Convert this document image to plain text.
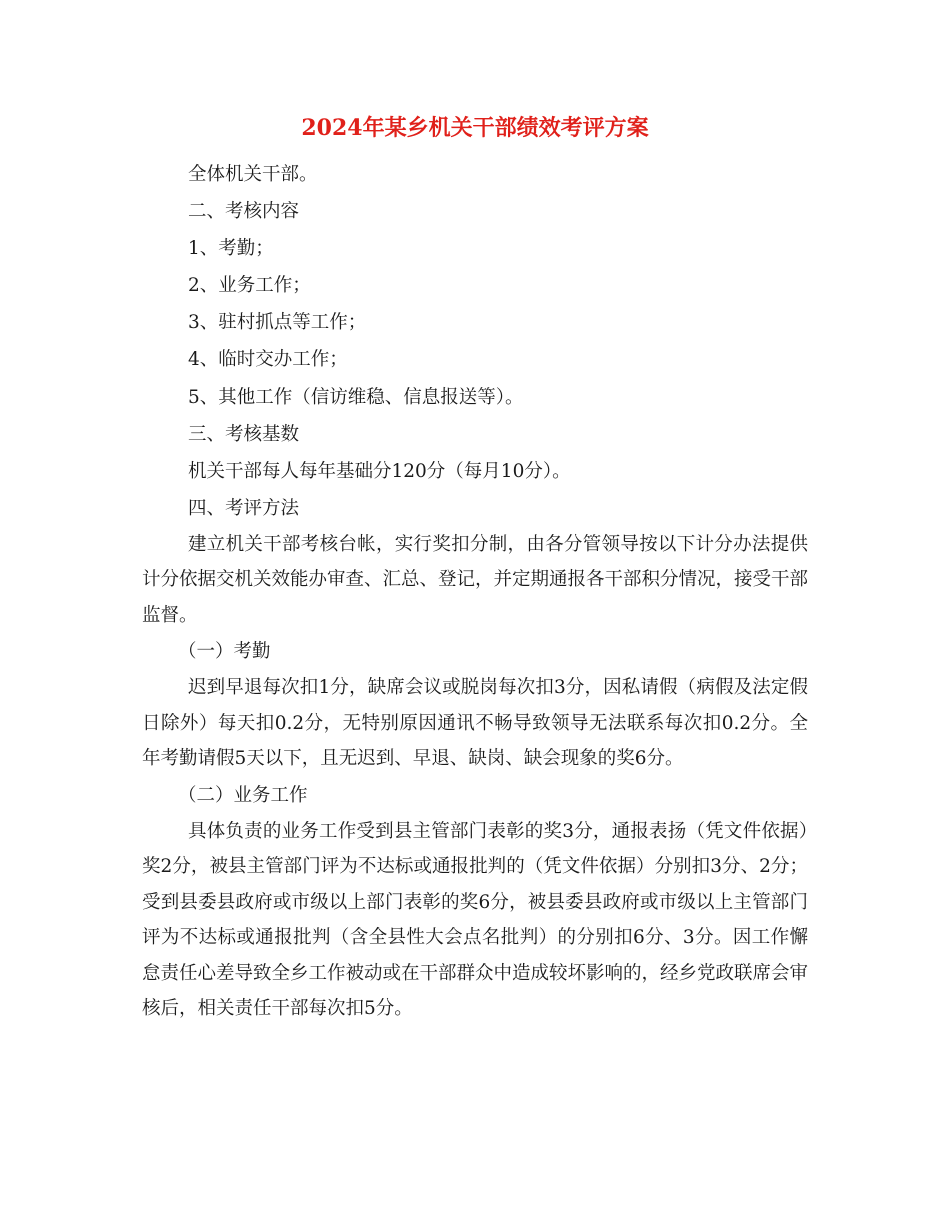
2024年某乡机关干部绩效考评方案

全体机关干部。

二、考核内容

1、考勤；

2、业务工作；

3、驻村抓点等工作；

4、临时交办工作；

5、其他工作（信访维稳、信息报送等）。

三、考核基数

机关干部每人每年基础分120分（每月10分）。

四、考评方法

建立机关干部考核台帐，实行奖扣分制，由各分管领导按以下计分办法提供计分依据交机关效能办审查、汇总、登记，并定期通报各干部积分情况，接受干部监督。

（一）考勤

迟到早退每次扣1分，缺席会议或脱岗每次扣3分，因私请假（病假及法定假日除外）每天扣0.2分，无特别原因通讯不畅导致领导无法联系每次扣0.2分。全年考勤请假5天以下，且无迟到、早退、缺岗、缺会现象的奖6分。

（二）业务工作

具体负责的业务工作受到县主管部门表彰的奖3分，通报表扬（凭文件依据）奖2分，被县主管部门评为不达标或通报批判的（凭文件依据）分别扣3分、2分；受到县委县政府或市级以上部门表彰的奖6分，被县委县政府或市级以上主管部门评为不达标或通报批判（含全县性大会点名批判）的分别扣6分、3分。因工作懈怠责任心差导致全乡工作被动或在干部群众中造成较坏影响的，经乡党政联席会审核后，相关责任干部每次扣5分。
